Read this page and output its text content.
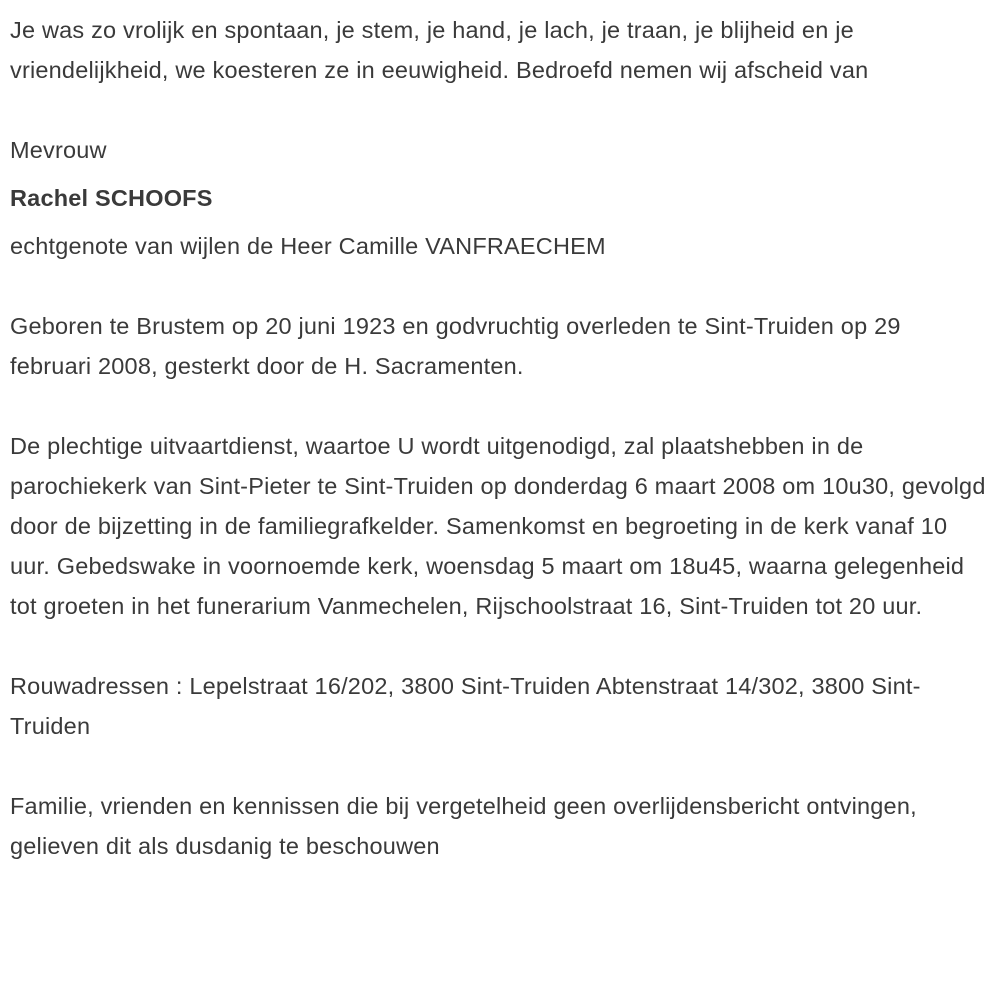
Je was zo vrolijk en spontaan, je stem, je hand, je lach, je traan, je blijheid en je vriendelijkheid, we koesteren ze in eeuwigheid. Bedroefd nemen wij afscheid van

Mevrouw

Rachel SCHOOFS

echtgenote van wijlen de Heer Camille VANFRAECHEM

Geboren te Brustem op 20 juni 1923 en godvruchtig overleden te Sint-Truiden op 29 februari 2008, gesterkt door de H. Sacramenten.

De plechtige uitvaartdienst, waartoe U wordt uitgenodigd, zal plaatshebben in de parochiekerk van Sint-Pieter te Sint-Truiden op donderdag 6 maart 2008 om 10u30, gevolgd door de bijzetting in de familiegrafkelder. Samenkomst en begroeting in de kerk vanaf 10 uur. Gebedswake in voornoemde kerk, woensdag 5 maart om 18u45, waarna gelegenheid tot groeten in het funerarium Vanmechelen, Rijschoolstraat 16, Sint-Truiden tot 20 uur.

Rouwadressen : Lepelstraat 16/202, 3800 Sint-Truiden Abtenstraat 14/302, 3800 Sint-Truiden

Familie, vrienden en kennissen die bij vergetelheid geen overlijdensbericht ontvingen, gelieven dit als dusdanig te beschouwen
